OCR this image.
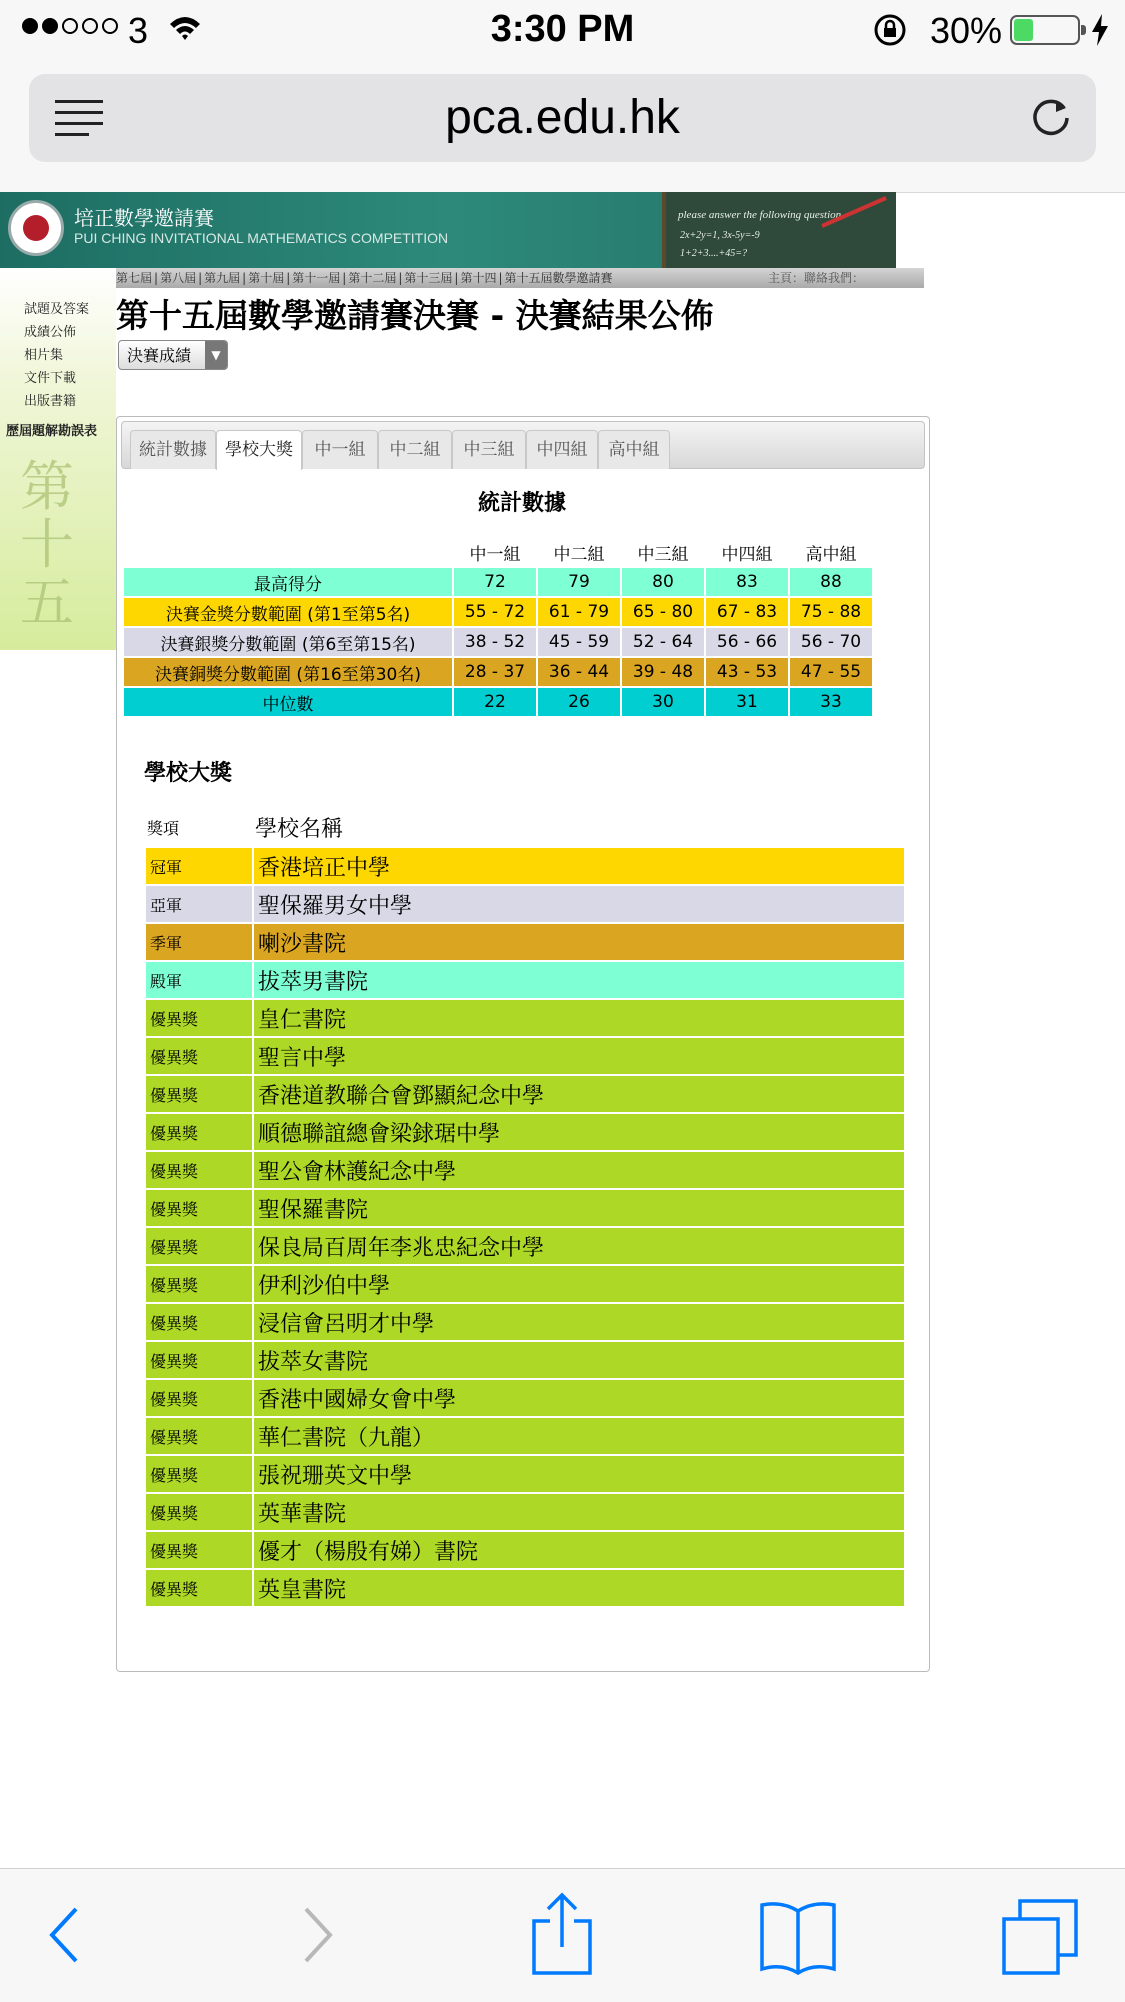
3	3:30 PM	30%
pca.edu.hk
培正數學邀請賽
PUI CHING INVITATIONAL MATHEMATICS COMPETITION
please answer the following question
2x+2y=1, 3x-5y=-9
1+2+3....+45=?
第七屆 | 第八屆 | 第九屆 | 第十屆 | 第十一屆 | 第十二屆 | 第十三屆 | 第十四 | 第十五屆數學邀請賽	主頁：聯絡我們：
試題及答案
成績公佈
相片集
文件下載
出版書籍
歷屆題解勘誤表
第十五
第十五屆數學邀請賽決賽 - 決賽結果公佈
決賽成績	▼
統計數據	學校大獎	中一組	中二組	中三組	中四組	高中組
統計數據
	中一組	中二組	中三組	中四組	高中組
最高得分	72	79	80	83	88
決賽金獎分數範圍 (第1至第5名)	55 - 72	61 - 79	65 - 80	67 - 83	75 - 88
決賽銀獎分數範圍 (第6至第15名)	38 - 52	45 - 59	52 - 64	56 - 66	56 - 70
決賽銅獎分數範圍 (第16至第30名)	28 - 37	36 - 44	39 - 48	43 - 53	47 - 55
中位數	22	26	30	31	33
學校大獎
獎項	學校名稱
冠軍	香港培正中學
亞軍	聖保羅男女中學
季軍	喇沙書院
殿軍	拔萃男書院
優異獎	皇仁書院
優異獎	聖言中學
優異獎	香港道教聯合會鄧顯紀念中學
優異獎	順德聯誼總會梁銶琚中學
優異獎	聖公會林護紀念中學
優異獎	聖保羅書院
優異獎	保良局百周年李兆忠紀念中學
優異獎	伊利沙伯中學
優異獎	浸信會呂明才中學
優異獎	拔萃女書院
優異獎	香港中國婦女會中學
優異獎	華仁書院（九龍）
優異獎	張祝珊英文中學
優異獎	英華書院
優異獎	優才（楊殷有娣）書院
優異獎	英皇書院
